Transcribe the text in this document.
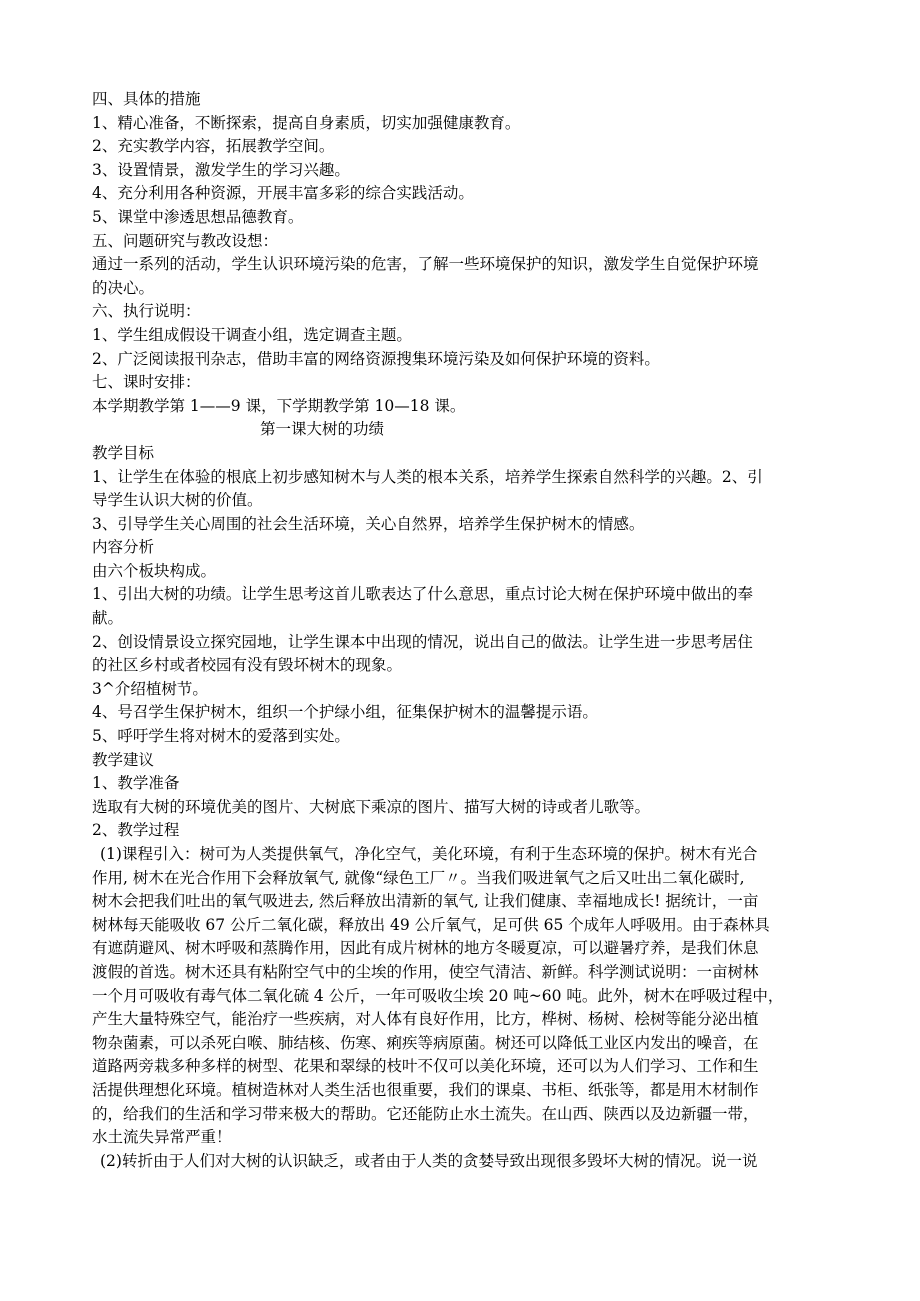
四、具体的措施
1、精心准备，不断探索，提高自身素质，切实加强健康教育。
2、充实教学内容，拓展教学空间。
3、设置情景，激发学生的学习兴趣。
4、充分利用各种资源，开展丰富多彩的综合实践活动。
5、课堂中渗透思想品德教育。
五、问题研究与教改设想：
通过一系列的活动，学生认识环境污染的危害，了解一些环境保护的知识，激发学生自觉保护环境
的决心。
六、执行说明：
1、学生组成假设干调查小组，选定调查主题。
2、广泛阅读报刊杂志，借助丰富的网络资源搜集环境污染及如何保护环境的资料。
七、课时安排：
本学期教学第 1——9 课，下学期教学第 10—18 课。
第一课大树的功绩
教学目标
1、让学生在体验的根底上初步感知树木与人类的根本关系，培养学生探索自然科学的兴趣。2、引
导学生认识大树的价值。
3、引导学生关心周围的社会生活环境，关心自然界，培养学生保护树木的情感。
内容分析
由六个板块构成。
1、引出大树的功绩。让学生思考这首儿歌表达了什么意思，重点讨论大树在保护环境中做出的奉
献。
2、创设情景设立探究园地，让学生课本中出现的情况，说出自己的做法。让学生进一步思考居住
的社区乡村或者校园有没有毁坏树木的现象。
3^介绍植树节。
4、号召学生保护树木，组织一个护绿小组，征集保护树木的温馨提示语。
5、呼吁学生将对树木的爱落到实处。
教学建议
1、教学准备
选取有大树的环境优美的图片、大树底下乘凉的图片、描写大树的诗或者儿歌等。
2、教学过程
(1)课程引入：树可为人类提供氧气，净化空气，美化环境，有利于生态环境的保护。树木有光合
作用, 树木在光合作用下会释放氧气, 就像“绿色工厂〃。当我们吸进氧气之后又吐出二氧化碳时,
树木会把我们吐出的氧气吸进去, 然后释放出清新的氧气, 让我们健康、幸福地成长! 据统计，一亩
树林每天能吸收 67 公斤二氧化碳，释放出 49 公斤氧气，足可供 65 个成年人呼吸用。由于森林具
有遮荫避风、树木呼吸和蒸腾作用，因此有成片树林的地方冬暖夏凉，可以避暑疗养，是我们休息
渡假的首选。树木还具有粘附空气中的尘埃的作用，使空气清洁、新鲜。科学测试说明：一亩树林
一个月可吸收有毒气体二氧化硫 4 公斤，一年可吸收尘埃 20 吨~60 吨。此外，树木在呼吸过程中，
产生大量特殊空气，能治疗一些疾病，对人体有良好作用，比方，桦树、杨树、桧树等能分泌出植
物杂菌素，可以杀死白喉、肺结核、伤寒、痢疾等病原菌。树还可以降低工业区内发出的噪音，在
道路两旁栽多种多样的树型、花果和翠绿的枝叶不仅可以美化环境，还可以为人们学习、工作和生
活提供理想化环境。植树造林对人类生活也很重要，我们的课桌、书柜、纸张等，都是用木材制作
的，给我们的生活和学习带来极大的帮助。它还能防止水土流失。在山西、陕西以及边新疆一带，
水土流失异常严重！
(2)转折由于人们对大树的认识缺乏，或者由于人类的贪婪导致出现很多毁坏大树的情况。说一说
